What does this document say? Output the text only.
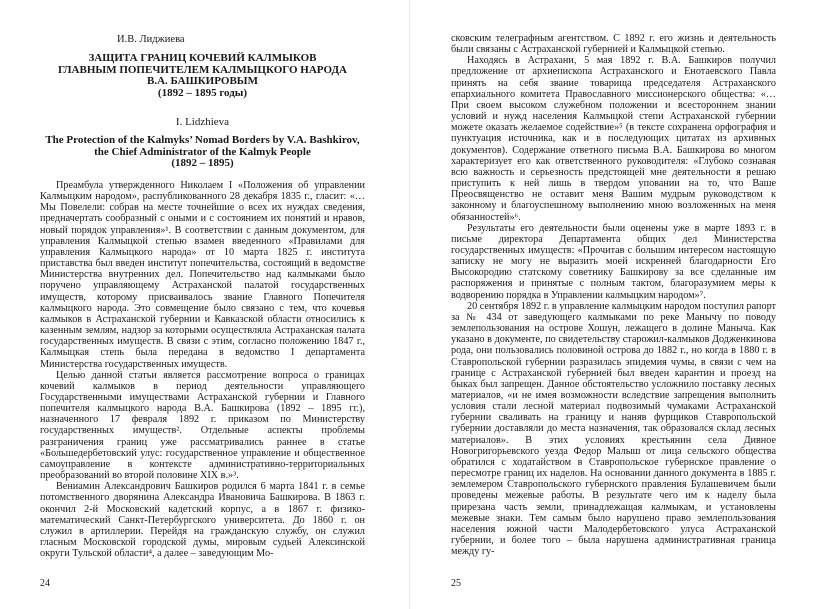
И.В. Лиджиева

ЗАЩИТА ГРАНИЦ КОЧЕВИЙ КАЛМЫКОВ
ГЛАВНЫМ ПОПЕЧИТЕЛЕМ КАЛМЫЦКОГО НАРОДА
В.А. БАШКИРОВЫМ
(1892 – 1895 годы)

I. Lidzhieva

The Protection of the Kalmyks’ Nomad Borders by V.A. Bashkirov,
the Chief Administrator of the Kalmyk People
(1892 – 1895)

Преамбула утвержденного Николаем I «Положения об управлении Калмыцким народом», распубликованного 28 декабря 1835 г., гласит: «… Мы Повелели: собрав на месте точнейшие о всех их нуждах сведения, предначертать сообразный с оными и с состоянием их понятий и нравов, новый порядок управления»¹. В соответствии с данным документом, для управления Калмыцкой степью взамен введенного «Правилами для управления Калмыцкого народа» от 10 марта 1825 г. института приставства был введен институт попечительства, состоящий в ведомстве Министерства внутренних дел. Попечительство над калмыками было поручено управляющему Астраханской палатой государственных имуществ, которому присваивалось звание Главного Попечителя калмыцкого народа. Это совмещение было связано с тем, что кочевья калмыков в Астраханской губернии и Кавказской области относились к казенным землям, надзор за которыми осуществляла Астраханская палата государственных имуществ. В связи с этим, согласно положению 1847 г., Калмыцкая степь была передана в ведомство I департамента Министерства государственных имуществ.

Целью данной статьи является рассмотрение вопроса о границах кочевий калмыков в период деятельности управляющего Государственными имуществами Астраханской губернии и Главного попечителя калмыцкого народа В.А. Башкирова (1892 – 1895 гг.), назначенного 17 февраля 1892 г. приказом по Министерству государственных имуществ². Отдельные аспекты проблемы разграничения границ уже рассматривались раннее в статье «Большедербетовский улус: государственное управление и общественное самоуправление в контексте административно-территориальных преобразований во второй половине XIX в.»³.

Вениамин Александрович Башкиров родился 6 марта 1841 г. в семье потомственного дворянина Александра Ивановича Башкирова. В 1863 г. окончил 2-й Московский кадетский корпус, а в 1867 г. физико-математический Санкт-Петербургского университета. До 1860 г. он служил в артиллерии. Перейдя на гражданскую службу, он служил гласным Московской городской думы, мировым судьей Алексинской округи Тульской области⁴, а далее – заведующим Мо-

24

сковским телеграфным агентством. С 1892 г. его жизнь и деятельность были связаны с Астраханской губернией и Калмыцкой степью.

Находясь в Астрахани, 5 мая 1892 г. В.А. Башкиров получил предложение от архиепископа Астраханского и Енотаевского Павла принять на себя звание товарища председателя Астраханского епархиального комитета Православного миссионерского общества: «… При своем высоком служебном положении и всестороннем знании условий и нужд населения Калмыцкой степи Астраханской губернии можете оказать желаемое содействие»⁵ (в тексте сохранена орфография и пунктуация источника, как и в последующих цитатах из архивных документов). Содержание ответного письма В.А. Башкирова во многом характеризует его как ответственного руководителя: «Глубоко сознавая всю важность и серьезность предстоящей мне деятельности я решаю приступить к ней лишь в твердом уповании на то, что Ваше Преосвященство не оставит меня Вашим мудрым руководством к законному и благоуспешному выполнению мною возложенных на меня обязанностей»⁶.

Результаты его деятельности были оценены уже в марте 1893 г. в письме директора Департамента общих дел Министерства государственных имуществ: «Прочитав с большим интересом настоящую записку не могу не выразить моей искренней благодарности Его Высокородию статскому советнику Башкирову за все сделанные им распоряжения и принятые с полным тактом, благоразумием меры к водворению порядка в Управлении калмыцким народом»⁷.

20 сентября 1892 г. в управление калмыцким народом поступил рапорт за № 434 от заведующего калмыками по реке Манычу по поводу землепользования на острове Хошун, лежащего в долине Маныча. Как указано в документе, по свидетельству старожил-калмыков Додженкинова рода, они пользовались половиной острова до 1882 г., но когда в 1880 г. в Ставропольской губернии разразилась эпидемия чумы, в связи с чем на границе с Астраханской губернией был введен карантин и проезд на быках был запрещен. Данное обстоятельство усложнило поставку лесных материалов, «и не имея возможности вследствие запрещения выполнить условия стали лесной материал подвозимый чумаками Астраханской губернии сваливать на границу и наняв фурщиков Ставропольской губернии доставляли до места назначения, так образовался склад лесных материалов». В этих условиях крестьянин села Дивное Новогригорьевского уезда Федор Малыш от лица сельского общества обратился с ходатайством в Ставропольское губернское правление о пересмотре границ их наделов. На основании данного документа в 1885 г. землемером Ставропольского губернского правления Булашевичем были проведены межевые работы. В результате чего им к наделу была прирезана часть земли, принадлежащая калмыкам, и установлены межевые знаки. Тем самым было нарушено право землепользования населения южной части Малодербетовского улуса Астраханской губернии, и более того – была нарушена административная граница между гу-

25
